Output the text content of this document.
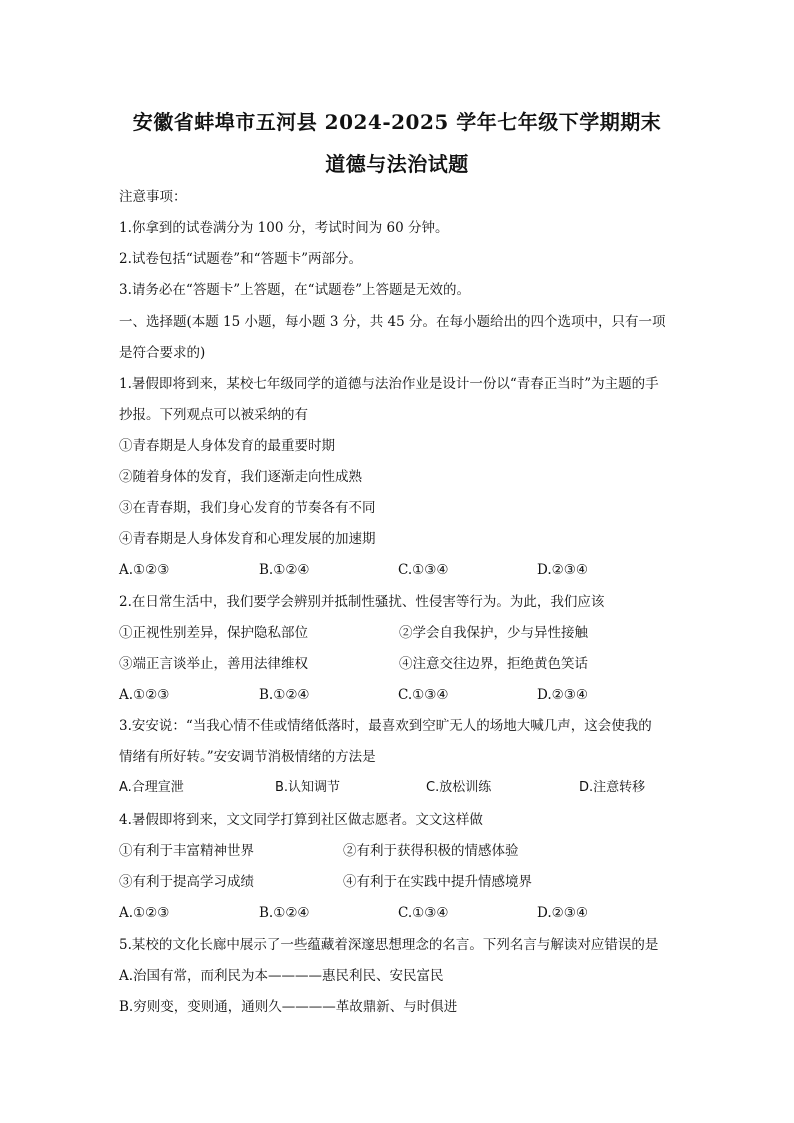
安徽省蚌埠市五河县 2024-2025 学年七年级下学期期末
道德与法治试题
注意事项：
1.你拿到的试卷满分为 100 分，考试时间为 60 分钟。
2.试卷包括“试题卷”和“答题卡”两部分。
3.请务必在“答题卡”上答题，在“试题卷”上答题是无效的。
一、选择题(本题 15 小题，每小题 3 分，共 45 分。在每小题给出的四个选项中，只有一项
是符合要求的)
1.暑假即将到来，某校七年级同学的道德与法治作业是设计一份以“青春正当时”为主题的手
抄报。下列观点可以被采纳的有
①青春期是人身体发育的最重要时期
②随着身体的发育，我们逐渐走向性成熟
③在青春期，我们身心发育的节奏各有不同
④青春期是人身体发育和心理发展的加速期
A.①②③	B.①②④	C.①③④	D.②③④
2.在日常生活中，我们要学会辨别并抵制性骚扰、性侵害等行为。为此，我们应该
①正视性别差异，保护隐私部位	②学会自我保护，少与异性接触
③端正言谈举止，善用法律维权	④注意交往边界，拒绝黄色笑话
A.①②③	B.①②④	C.①③④	D.②③④
3.安安说：“当我心情不佳或情绪低落时，最喜欢到空旷无人的场地大喊几声，这会使我的
情绪有所好转。”安安调节消极情绪的方法是
A.合理宣泄	B.认知调节	C.放松训练	D.注意转移
4.暑假即将到来，文文同学打算到社区做志愿者。文文这样做
①有利于丰富精神世界	②有利于获得积极的情感体验
③有利于提高学习成绩	④有利于在实践中提升情感境界
A.①②③	B.①②④	C.①③④	D.②③④
5.某校的文化长廊中展示了一些蕴藏着深邃思想理念的名言。下列名言与解读对应错误的是
A.治国有常，而利民为本————惠民利民、安民富民
B.穷则变，变则通，通则久————革故鼎新、与时俱进
